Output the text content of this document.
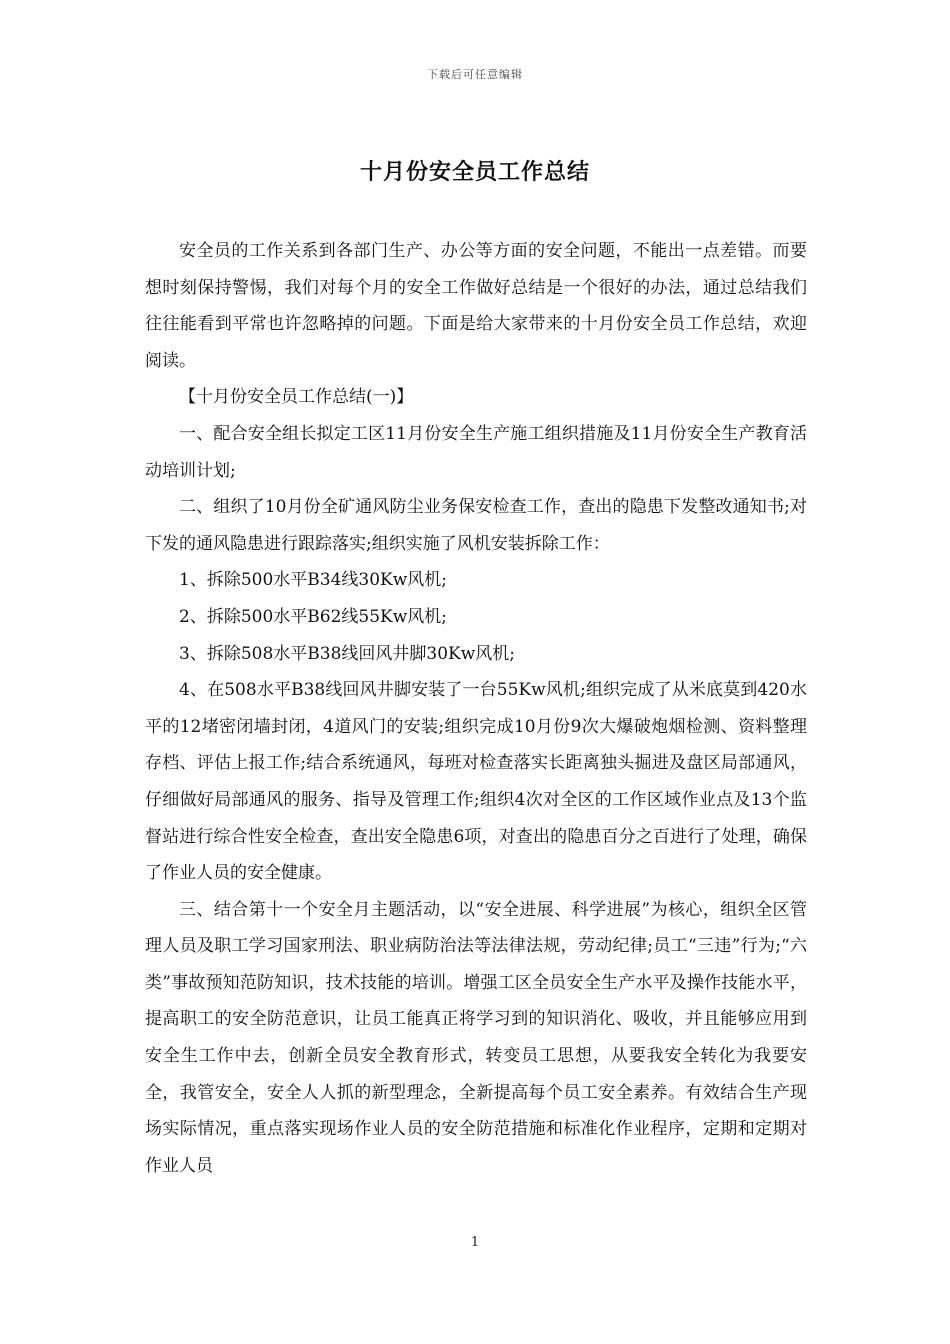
下载后可任意编辑
十月份安全员工作总结

安全员的工作关系到各部门生产、办公等方面的安全问题，不能出一点差错。而要想时刻保持警惕，我们对每个月的安全工作做好总结是一个很好的办法，通过总结我们往往能看到平常也许忽略掉的问题。下面是给大家带来的十月份安全员工作总结，欢迎阅读。

【十月份安全员工作总结(一)】

一、配合安全组长拟定工区11月份安全生产施工组织措施及11月份安全生产教育活动培训计划;

二、组织了10月份全矿通风防尘业务保安检查工作，查出的隐患下发整改通知书;对下发的通风隐患进行跟踪落实;组织实施了风机安装拆除工作：

1、拆除500水平B34线30Kw风机;

2、拆除500水平B62线55Kw风机;

3、拆除508水平B38线回风井脚30Kw风机;

4、在508水平B38线回风井脚安装了一台55Kw风机;组织完成了从米底莫到420水平的12堵密闭墙封闭，4道风门的安装;组织完成10月份9次大爆破炮烟检测、资料整理存档、评估上报工作;结合系统通风，每班对检查落实长距离独头掘进及盘区局部通风，仔细做好局部通风的服务、指导及管理工作;组织4次对全区的工作区域作业点及13个监督站进行综合性安全检查，查出安全隐患6项，对查出的隐患百分之百进行了处理，确保了作业人员的安全健康。

三、结合第十一个安全月主题活动，以“安全进展、科学进展”为核心，组织全区管理人员及职工学习国家刑法、职业病防治法等法律法规，劳动纪律;员工“三违”行为;“六类”事故预知范防知识，技术技能的培训。增强工区全员安全生产水平及操作技能水平，提高职工的安全防范意识，让员工能真正将学习到的知识消化、吸收，并且能够应用到安全生工作中去，创新全员安全教育形式，转变员工思想，从要我安全转化为我要安全，我管安全，安全人人抓的新型理念，全新提高每个员工安全素养。有效结合生产现场实际情况，重点落实现场作业人员的安全防范措施和标准化作业程序，定期和定期对作业人员

1
